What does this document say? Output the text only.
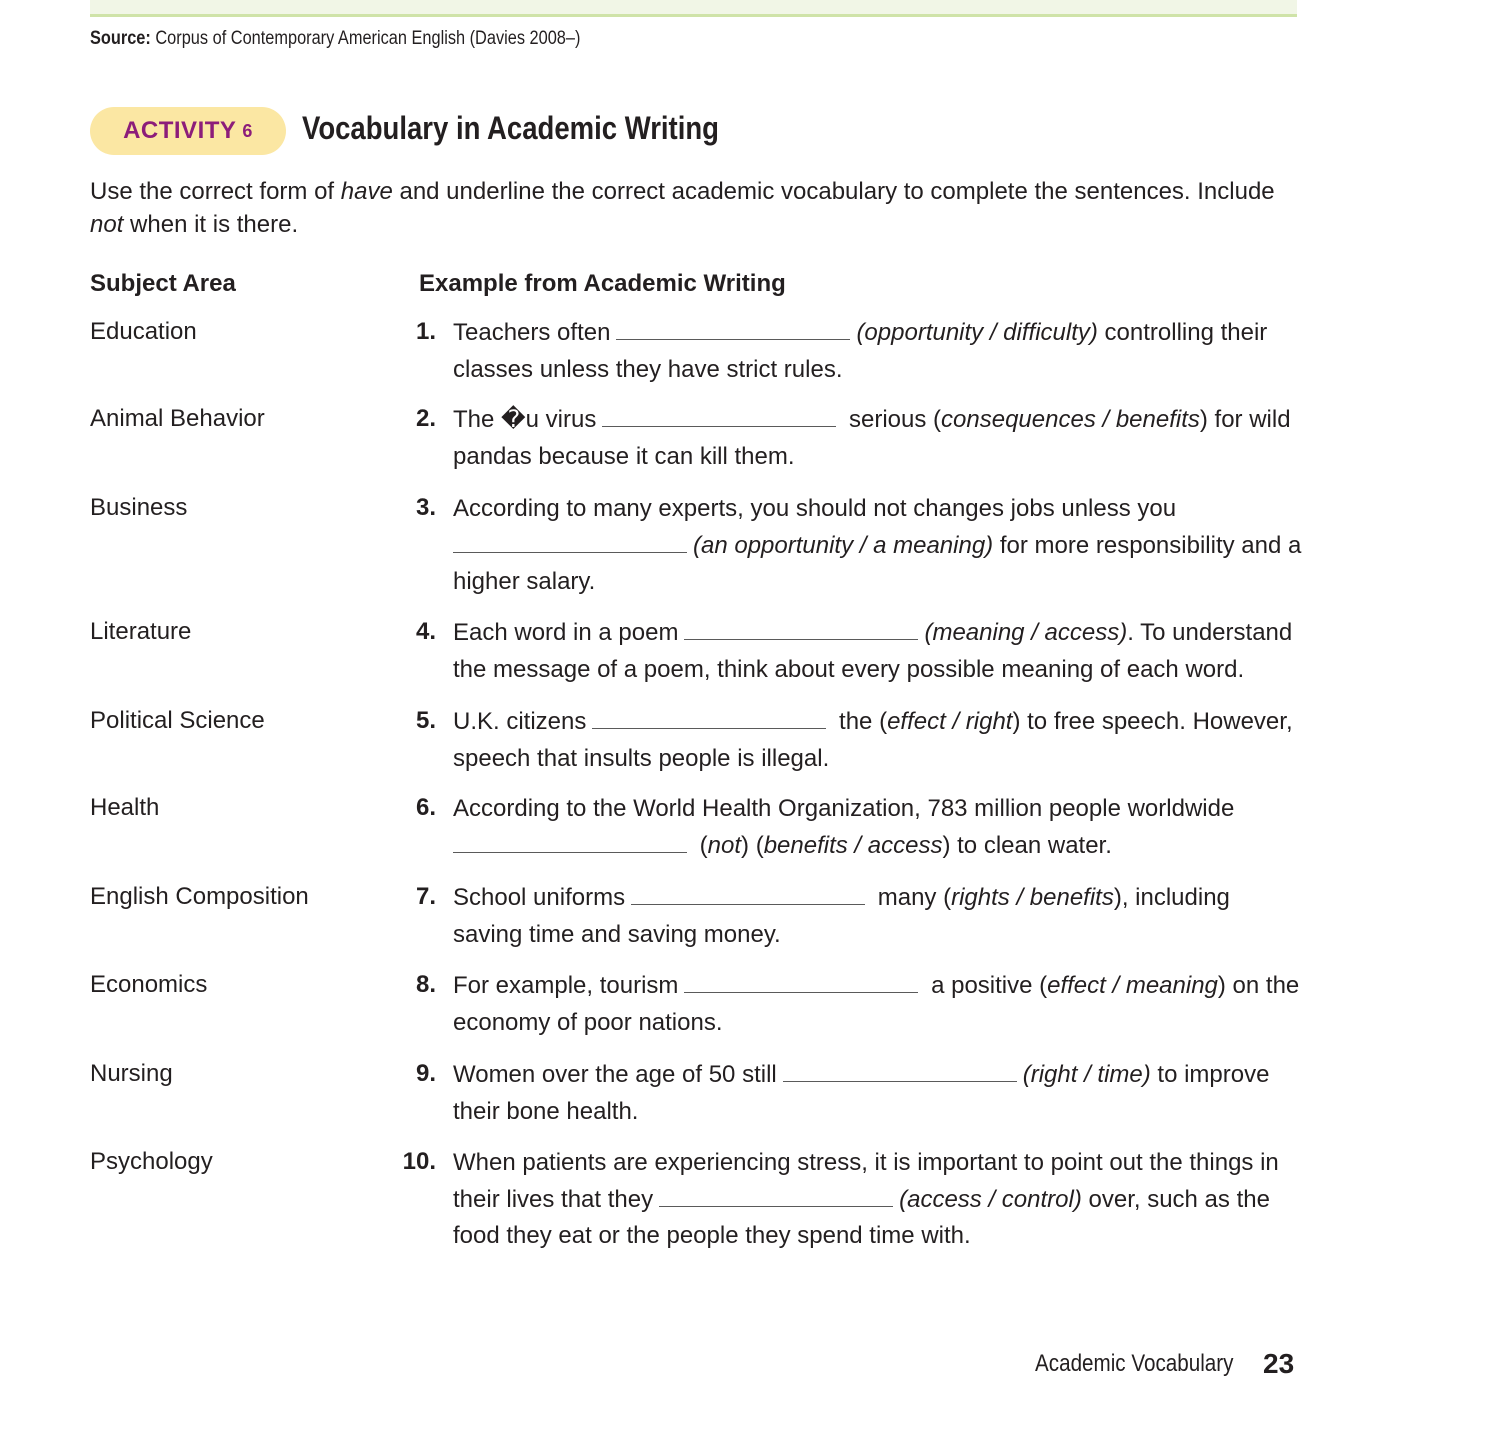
Source: Corpus of Contemporary American English (Davies 2008–)
ACTIVITY 6 Vocabulary in Academic Writing
Use the correct form of have and underline the correct academic vocabulary to complete the sentences. Include not when it is there.
Subject Area	Example from Academic Writing
Education	1. Teachers often	(opportunity / difficulty) controlling their classes unless they have strict rules.
Animal Behavior	2. The �u virus	serious (consequences / benefits) for wild pandas because it can kill them.
Business	3. According to many experts, you should not changes jobs unless you
(an opportunity / a meaning) for more responsibility and a higher salary.
Literature	4. Each word in a poem	(meaning / access). To understand the message of a poem, think about every possible meaning of each word.
Political Science	5. U.K. citizens	the (effect / right) to free speech. However, speech that insults people is illegal.
Health	6. According to the World Health Organization, 783 million people worldwide
(not) (benefits / access) to clean water.
English Composition	7. School uniforms	many (rights / benefits), including saving time and saving money.
Economics	8. For example, tourism	a positive (effect / meaning) on the economy of poor nations.
Nursing	9. Women over the age of 50 still	(right / time) to improve their bone health.
Psychology	10. When patients are experiencing stress, it is important to point out the things in their lives that they	(access / control) over, such as the food they eat or the people they spend time with.
Academic Vocabulary 23
